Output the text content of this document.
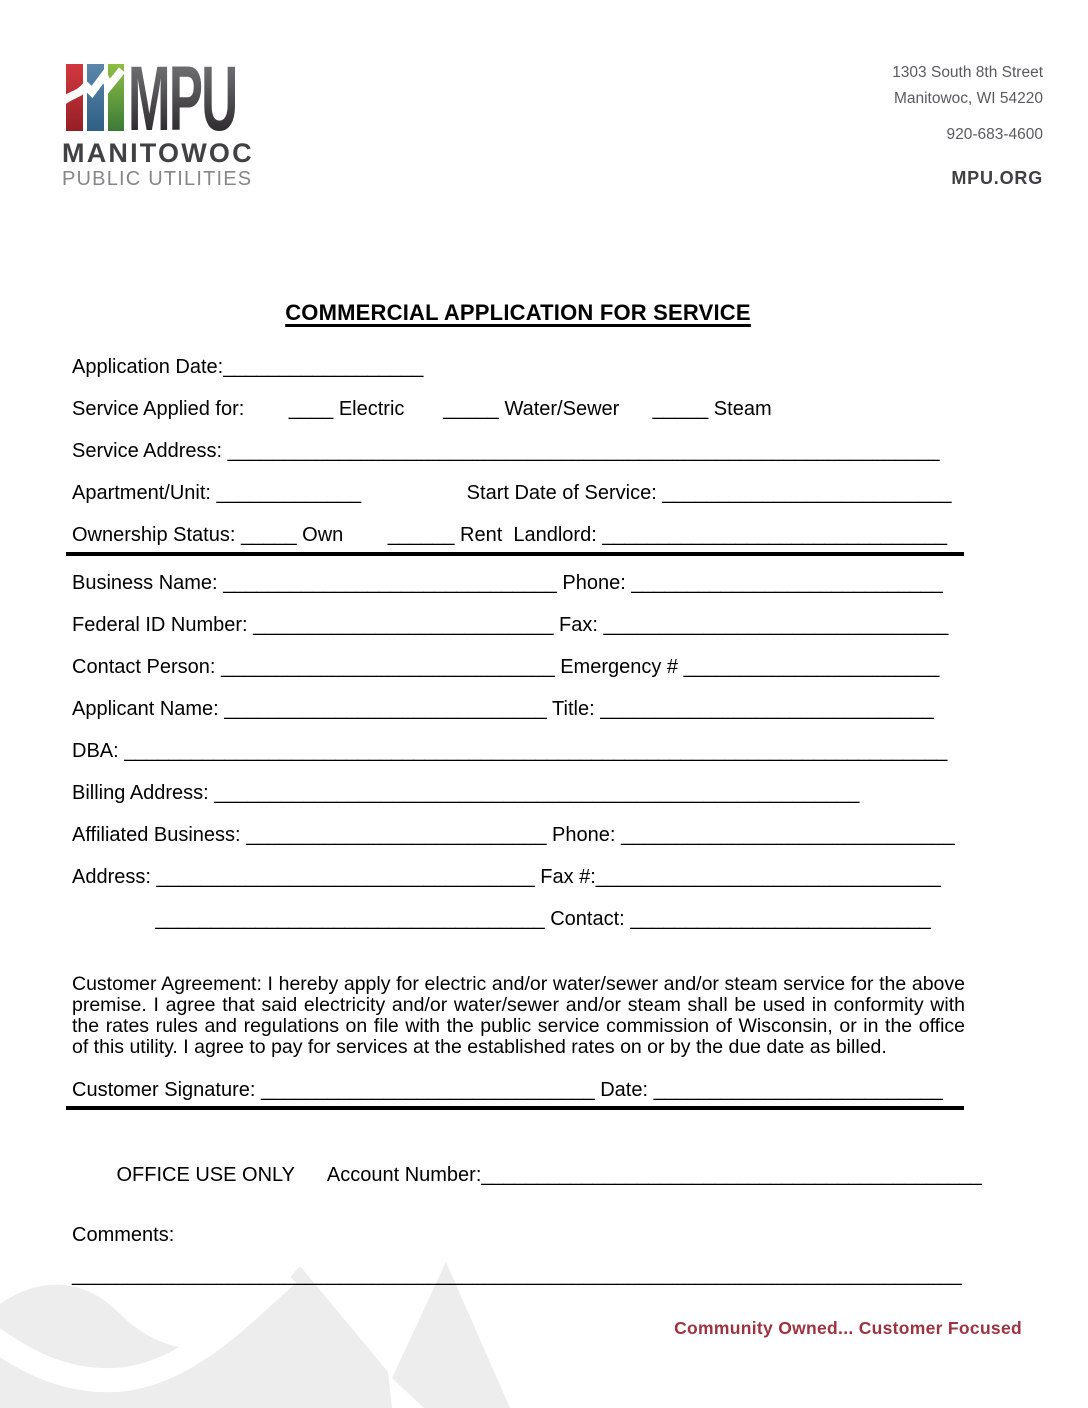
MPU
MANITOWOC
PUBLIC UTILITIES
1303 South 8th Street
Manitowoc, WI 54220
920-683-4600
MPU.ORG
COMMERCIAL APPLICATION FOR SERVICE
Application Date:__________________
Service Applied for:        ____ Electric       _____ Water/Sewer      _____ Steam
Service Address: ________________________________________________________________
Apartment/Unit: _____________                   Start Date of Service: __________________________
Ownership Status: _____ Own        ______ Rent  Landlord: _______________________________
Business Name: ______________________________ Phone: ____________________________
Federal ID Number: ___________________________ Fax: _______________________________
Contact Person: ______________________________ Emergency # _______________________
Applicant Name: _____________________________ Title: ______________________________
DBA: __________________________________________________________________________
Billing Address: __________________________________________________________
Affiliated Business: ___________________________ Phone: ______________________________
Address: __________________________________ Fax #:_______________________________
___________________________________ Contact: ___________________________
Customer Agreement: I hereby apply for electric and/or water/sewer and/or steam service for the above premise. I agree that said electricity and/or water/sewer and/or steam shall be used in conformity with the rates rules and regulations on file with the public service commission of Wisconsin, or in the office of this utility. I agree to pay for services at the established rates on or by the due date as billed.
Customer Signature: ______________________________ Date: __________________________

OFFICE USE ONLY      Account Number:_____________________________________________

Comments:
________________________________________________________________________________
Community Owned... Customer Focused
